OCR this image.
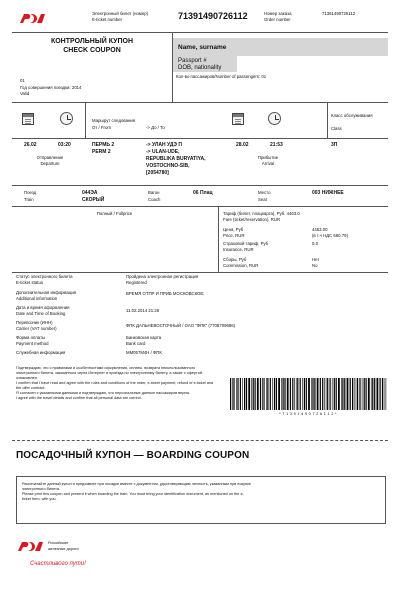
Электронный билет (номер)
E-ticket number	71391490726112	Номер заказа
Order number
71361490726112
КОНТРОЛЬНЫЙ КУПОН
CHECK COUPON
01
Год совершения поездки: 2014
Valid
Name, surname
Passport #
DOB, nationality
Кол-во пассажиров/Number of passengers: 01
Маршрут следования
От / From	-> До / To
Класс обслуживания
Class
26.02	03:20
Отправление
Departure
ПЕРМЬ 2
PERM 2
-> УЛАН УДЭ П
-> ULAN-UDE,
REPUBLIKA BURYATIYA,
VOSTOCHNO-SIB,
[2054780]
28.02	21:53
Прибытие
Arrival
3П
Поезд
Train
044ЭА
СКОРЫЙ
Вагон
Coach
06 Плац	Место
Seat
003 НИЖНЕЕ
Полный / Fullprice	Тариф (билет, плацкарта), Руб. 4463.0
Fare (ticket/reservation), RUR
Цена, Руб
Price, RUR
4463.00
(в т.ч НДС 680.79)
Страховой тариф, Руб
Insurance, RUR
0.0
Сборы, Руб
Commission, RUR
Нет
No
Статус электронного билета
E-ticket status
Пройдена электронная регистрация
Registered
Дополнительная информация
Additional information
ВРЕМЯ ОТПР И ПРИБ МОСКОВСКОЕ;
Дата и время оформления
Date and Time of Booking
11.02.2014 21:26
Перевозчик (ИНН)
Carrier (VAT number)
ФПК ДАЛЬНЕВОСТОЧНЫЙ / ОАО "ФПК" (7708709686)
Форма оплаты
Payment method
Банковская карта
Bank card
Служебная информация	ММ057М4Н / ФПК
Подтверждаю, что с правилами и особенностями оформления, оплаты, возврата неиспользованного электронного билета, заказанного через Интернет и проезда по электронному билету, а также с офертой, ознакомлен.
I confirm that I have read and agree with the rules and conditions of the order, e-ticket payment, refund of e-ticket and the offer contract.
Я согласен с указанными данными и подтверждаю, что персональные данные пассажиров верны.
I agree with the travel details and confirm that all personal data are correct.
* 7 1 3 9 1 4 9 0 7 2 6 1 1 2 *
ПОСАДОЧНЫЙ КУПОН — BOARDING COUPON
Распечатайте данный купон и предъявите при посадке вместе с документом, удостоверяющим личность, указанным при покупке электронного билета.
Please print this coupon and present it when boarding the train. You must bring your identification document, as mentioned on the e-ticket form, with you.
Российские
железные дороги
Счастливого пути!
